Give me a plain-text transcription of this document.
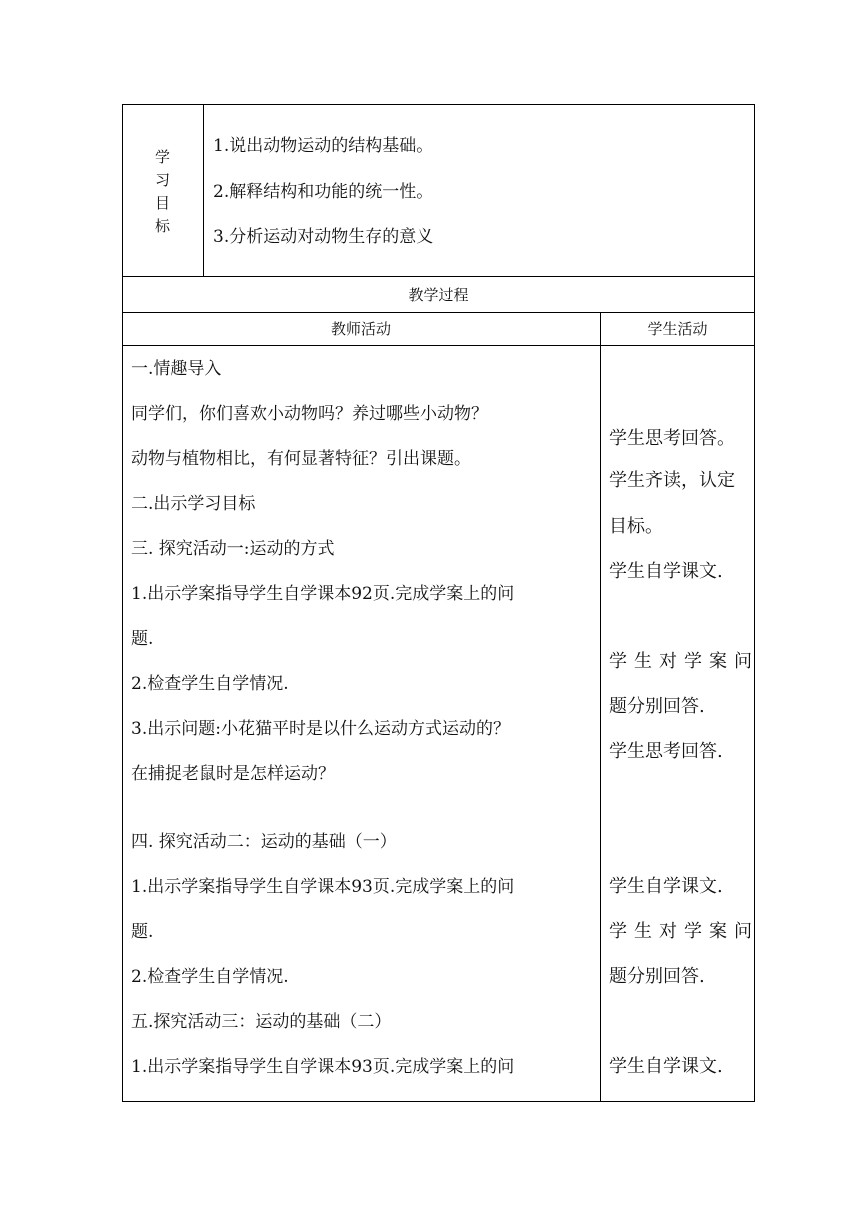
学
习
目
标
1.说出动物运动的结构基础。
2.解释结构和功能的统一性。
3.分析运动对动物生存的意义
教学过程
教师活动	学生活动
一.情趣导入
同学们，你们喜欢小动物吗？养过哪些小动物？
动物与植物相比，有何显著特征？引出课题。
二.出示学习目标
三. 探究活动一:运动的方式
1.出示学案指导学生自学课本92页.完成学案上的问
题.
2.检查学生自学情况.
3.出示问题:小花猫平时是以什么运动方式运动的？
在捕捉老鼠时是怎样运动？
四. 探究活动二：运动的基础（一）
1.出示学案指导学生自学课本93页.完成学案上的问
题.
2.检查学生自学情况.
五.探究活动三：运动的基础（二）
1.出示学案指导学生自学课本93页.完成学案上的问
学生思考回答。
学生齐读，认定
目标。
学生自学课文.
学生对学案问
题分别回答.
学生思考回答.
学生自学课文.
学生对学案问
题分别回答.
学生自学课文.
